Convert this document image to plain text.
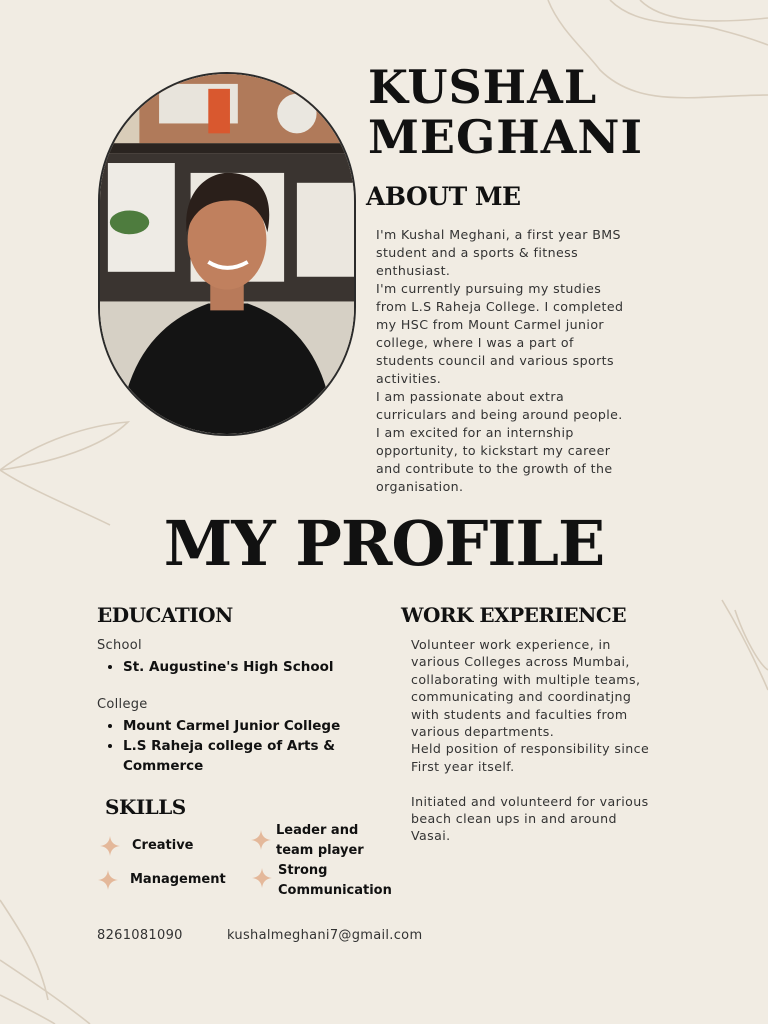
KUSHAL
MEGHANI
ABOUT ME

I'm Kushal Meghani, a first year BMS
student and a sports & fitness
enthusiast.
I'm currently pursuing my studies
from L.S Raheja College. I completed
my HSC from Mount Carmel junior
college, where I was a part of
students council and various sports
activities.
I am passionate about extra
curriculars and being around people.
I am excited for an internship
opportunity, to kickstart my career
and contribute to the growth of the
organisation.

MY PROFILE
EDUCATION
School
• St. Augustine's High School
College
• Mount Carmel Junior College
• L.S Raheja college of Arts & Commerce
WORK EXPERIENCE

Volunteer work experience, in
various Colleges across Mumbai,
collaborating with multiple teams,
communicating and coordinatjng
with students and faculties from
various departments.
Held position of responsibility since
First year itself.
Initiated and volunteerd for various
beach clean ups in and around
Vasai.

SKILLS
Creative
Leader and
team player
Management
Strong
Communication
8261081090	kushalmeghani7@gmail.com
